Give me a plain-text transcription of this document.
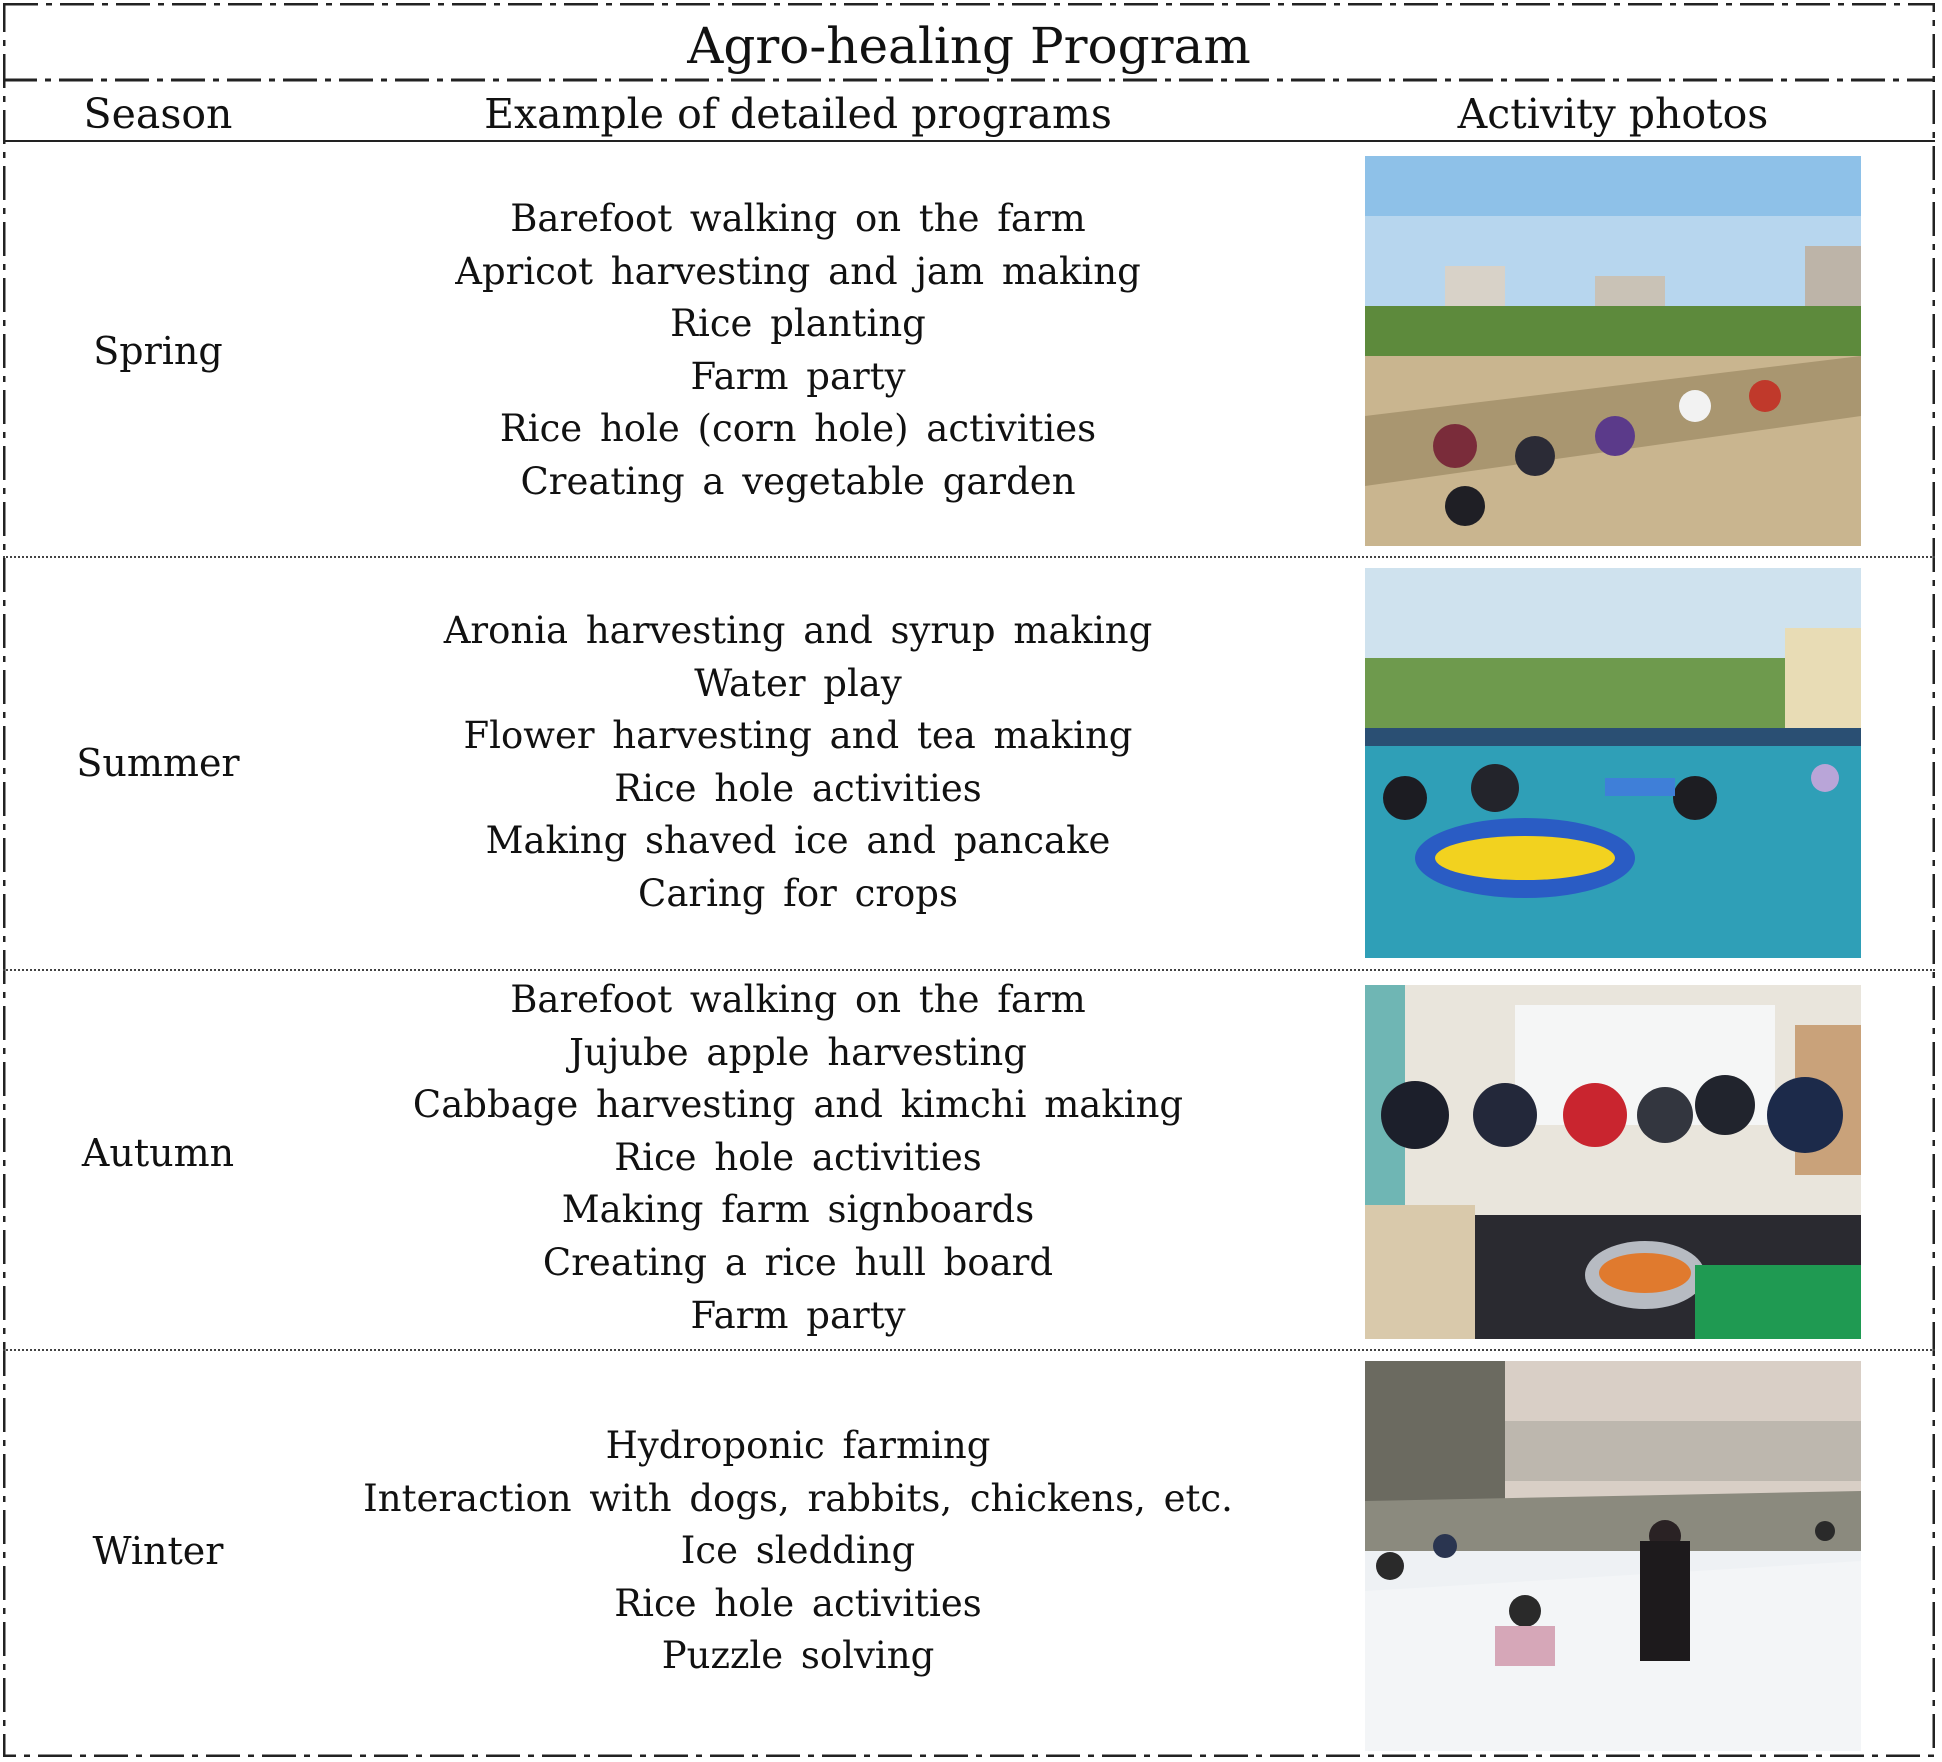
Agro-healing Program
Season	Example of detailed programs	Activity photos
Spring
Barefoot walking on the farm
Apricot harvesting and jam making
Rice planting
Farm party
Rice hole (corn hole) activities
Creating a vegetable garden
Summer
Aronia harvesting and syrup making
Water play
Flower harvesting and tea making
Rice hole activities
Making shaved ice and pancake
Caring for crops
Autumn
Barefoot walking on the farm
Jujube apple harvesting
Cabbage harvesting and kimchi making
Rice hole activities
Making farm signboards
Creating a rice hull board
Farm party
Winter
Hydroponic farming
Interaction with dogs, rabbits, chickens, etc.
Ice sledding
Rice hole activities
Puzzle solving
